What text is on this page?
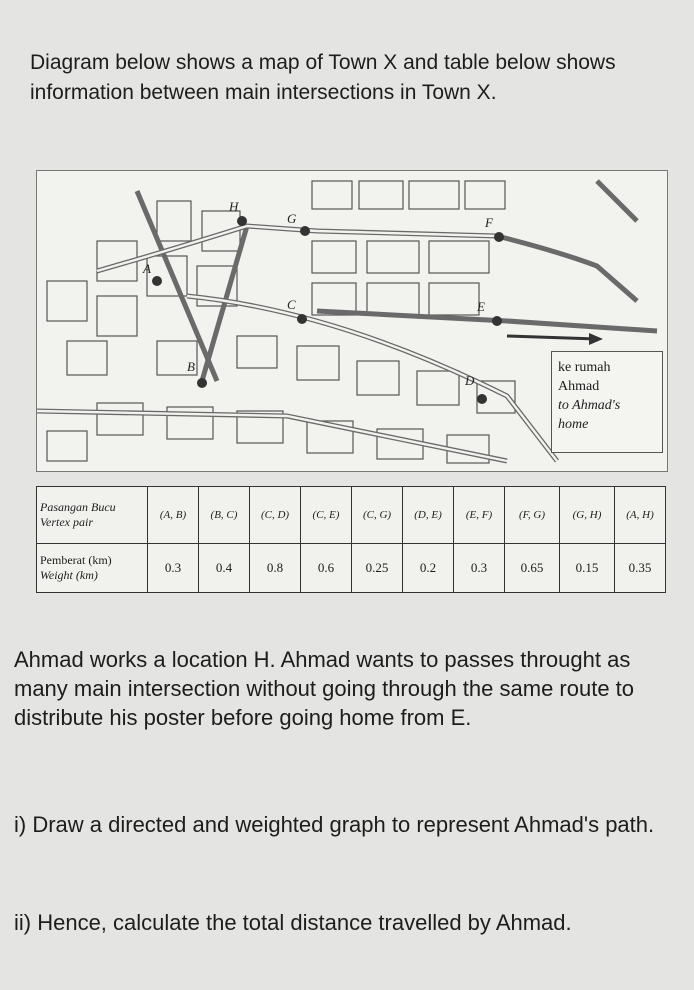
Diagram below shows a map of Town X and table below shows information between main intersections in Town X.

H
G	F
A
C	E
B
D
ke rumah
Ahmad
to Ahmad's
home
Pasangan Bucu
Vertex pair	(A, B)	(B, C)	(C, D)	(C, E)	(C, G)	(D, E)	(E, F)	(F, G)	(G, H)	(A, H)
Pemberat (km)
Weight (km)	0.3	0.4	0.8	0.6	0.25	0.2	0.3	0.65	0.15	0.35

Ahmad works a location H. Ahmad wants to passes throught as many main intersection without going through the same route to distribute his poster before going home from E.

i) Draw a directed and weighted graph to represent Ahmad's path.

ii) Hence, calculate the total distance travelled by Ahmad.
